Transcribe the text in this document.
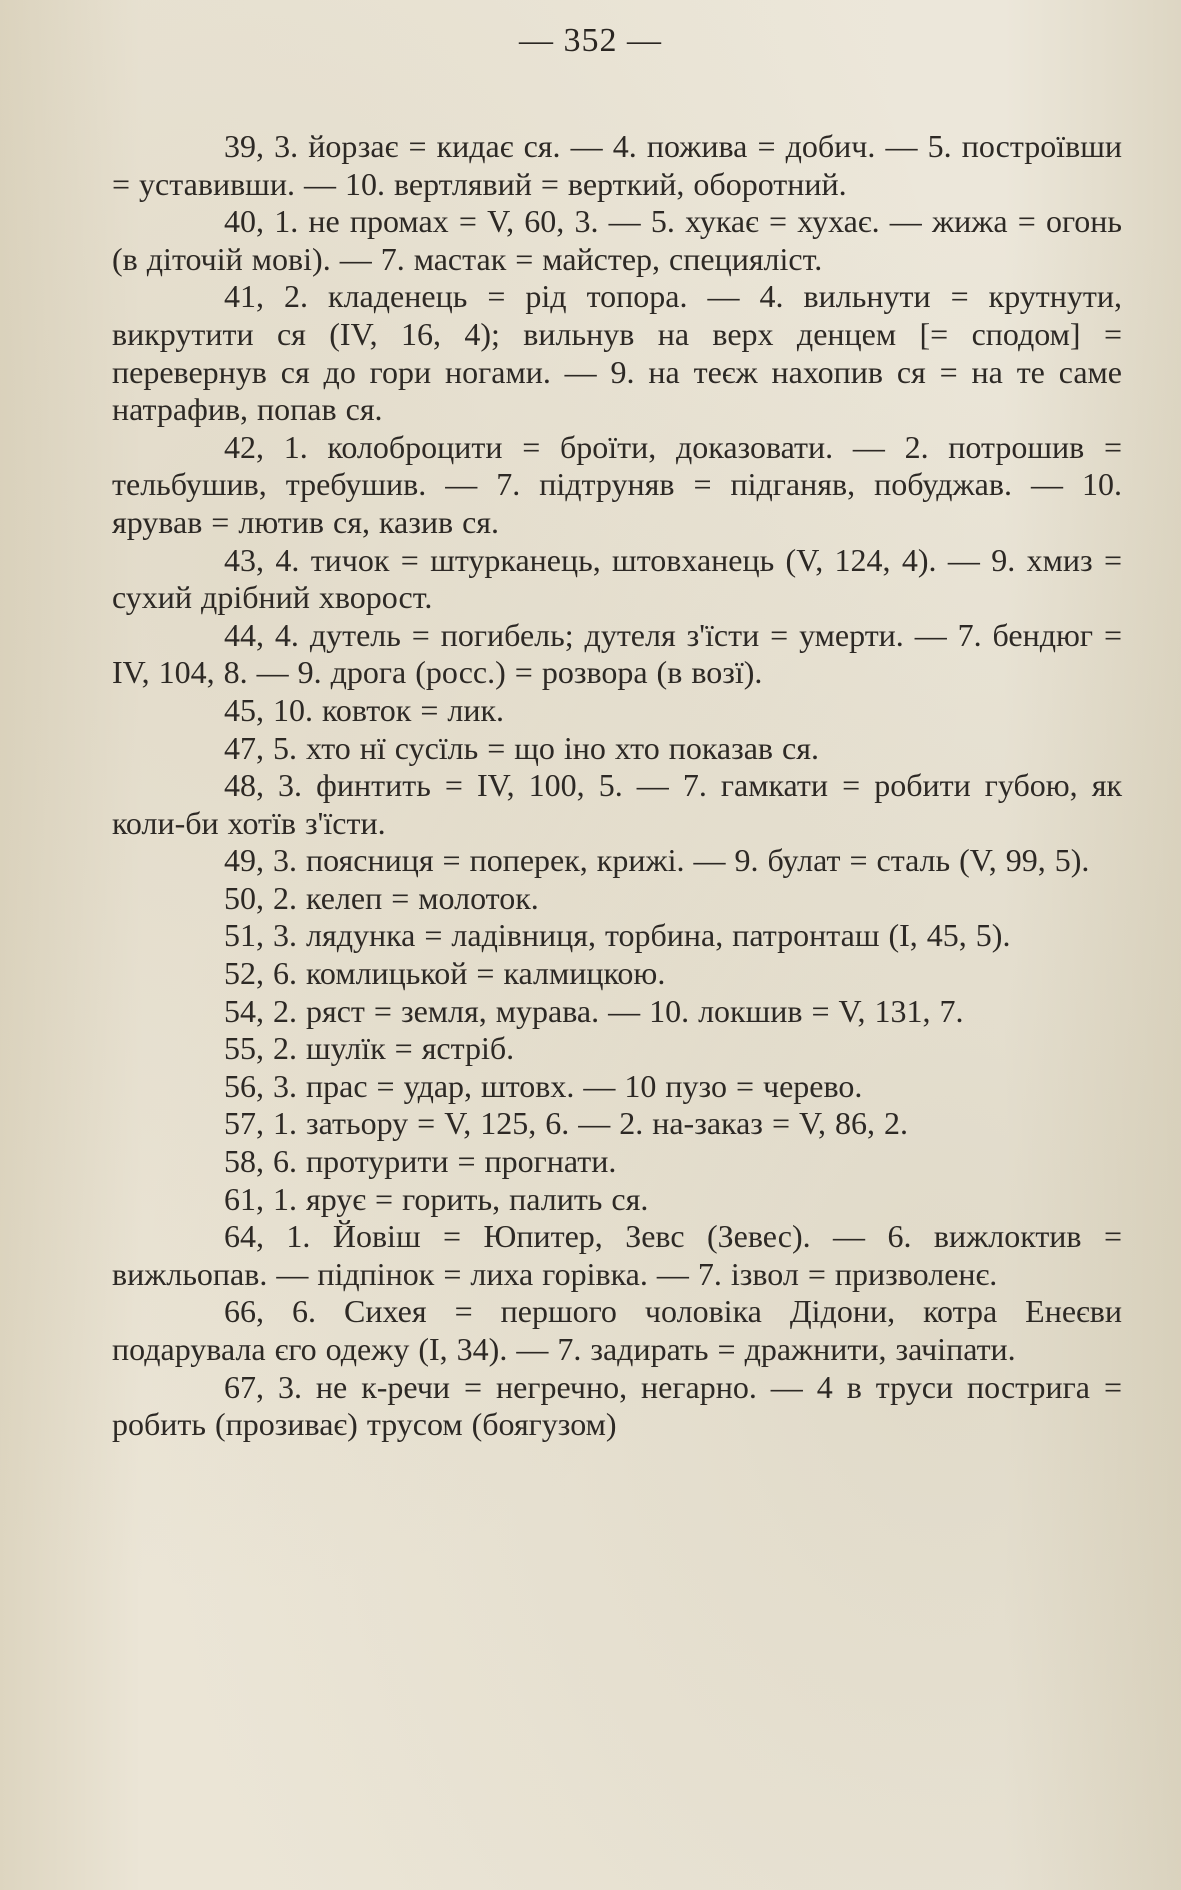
— 352 —

39, 3. йорзає = кидає ся. — 4. пожива = добич. — 5. построївши = уставивши. — 10. вертлявий = верткий, оборотний.

40, 1. не промах = V, 60, 3. — 5. хукає = хухає. — жижа = огонь (в діточій мові). — 7. мастак = майстер, специяліст.

41, 2. кладенець = рід топора. — 4. вильнути = крутнути, викрутити ся (IV, 16, 4); вильнув на верх денцем [= сподом] = перевернув ся до гори ногами. — 9. на теєж нахопив ся = на те саме натрафив, попав ся.

42, 1. колоброцити = броїти, доказовати. — 2. потрошив = тельбушив, требушив. — 7. підтруняв = підганяв, побуджав. — 10. ярував = лютив ся, казив ся.

43, 4. тичок = штурканець, штовханець (V, 124, 4). — 9. хмиз = сухий дрібний хворост.

44, 4. дутель = погибель; дутеля з'їсти = умерти. — 7. бендюг = IV, 104, 8. — 9. дрога (росс.) = розвора (в возї).

45, 10. ковток = лик.

47, 5. хто нї сусїль = що іно хто показав ся.

48, 3. финтить = IV, 100, 5. — 7. гамкати = робити губою, як коли-би хотїв з'їсти.

49, 3. поясниця = поперек, крижі. — 9. булат = сталь (V, 99, 5).

50, 2. келеп = молоток.

51, 3. лядунка = ладівниця, торбина, патронташ (I, 45, 5).

52, 6. комлицькой = калмицкою.

54, 2. ряст = земля, мурава. — 10. локшив = V, 131, 7.

55, 2. шулїк = ястріб.

56, 3. прас = удар, штовх. — 10 пузо = черево.

57, 1. затьору = V, 125, 6. — 2. на-заказ = V, 86, 2.

58, 6. протурити = прогнати.

61, 1. ярує = горить, палить ся.

64, 1. Йовіш = Юпитер, Зевс (Зевес). — 6. вижлоктив = вижльопав. — підпінок = лиха горівка. — 7. ізвол = призволенє.

66, 6. Сихея = першого чоловіка Дідони, котра Енеєви подарувала єго одежу (I, 34). — 7. задирать = дражнити, зачіпати.

67, 3. не к-речи = негречно, негарно. — 4 в труси пострига = робить (прозиває) трусом (боягузом)
